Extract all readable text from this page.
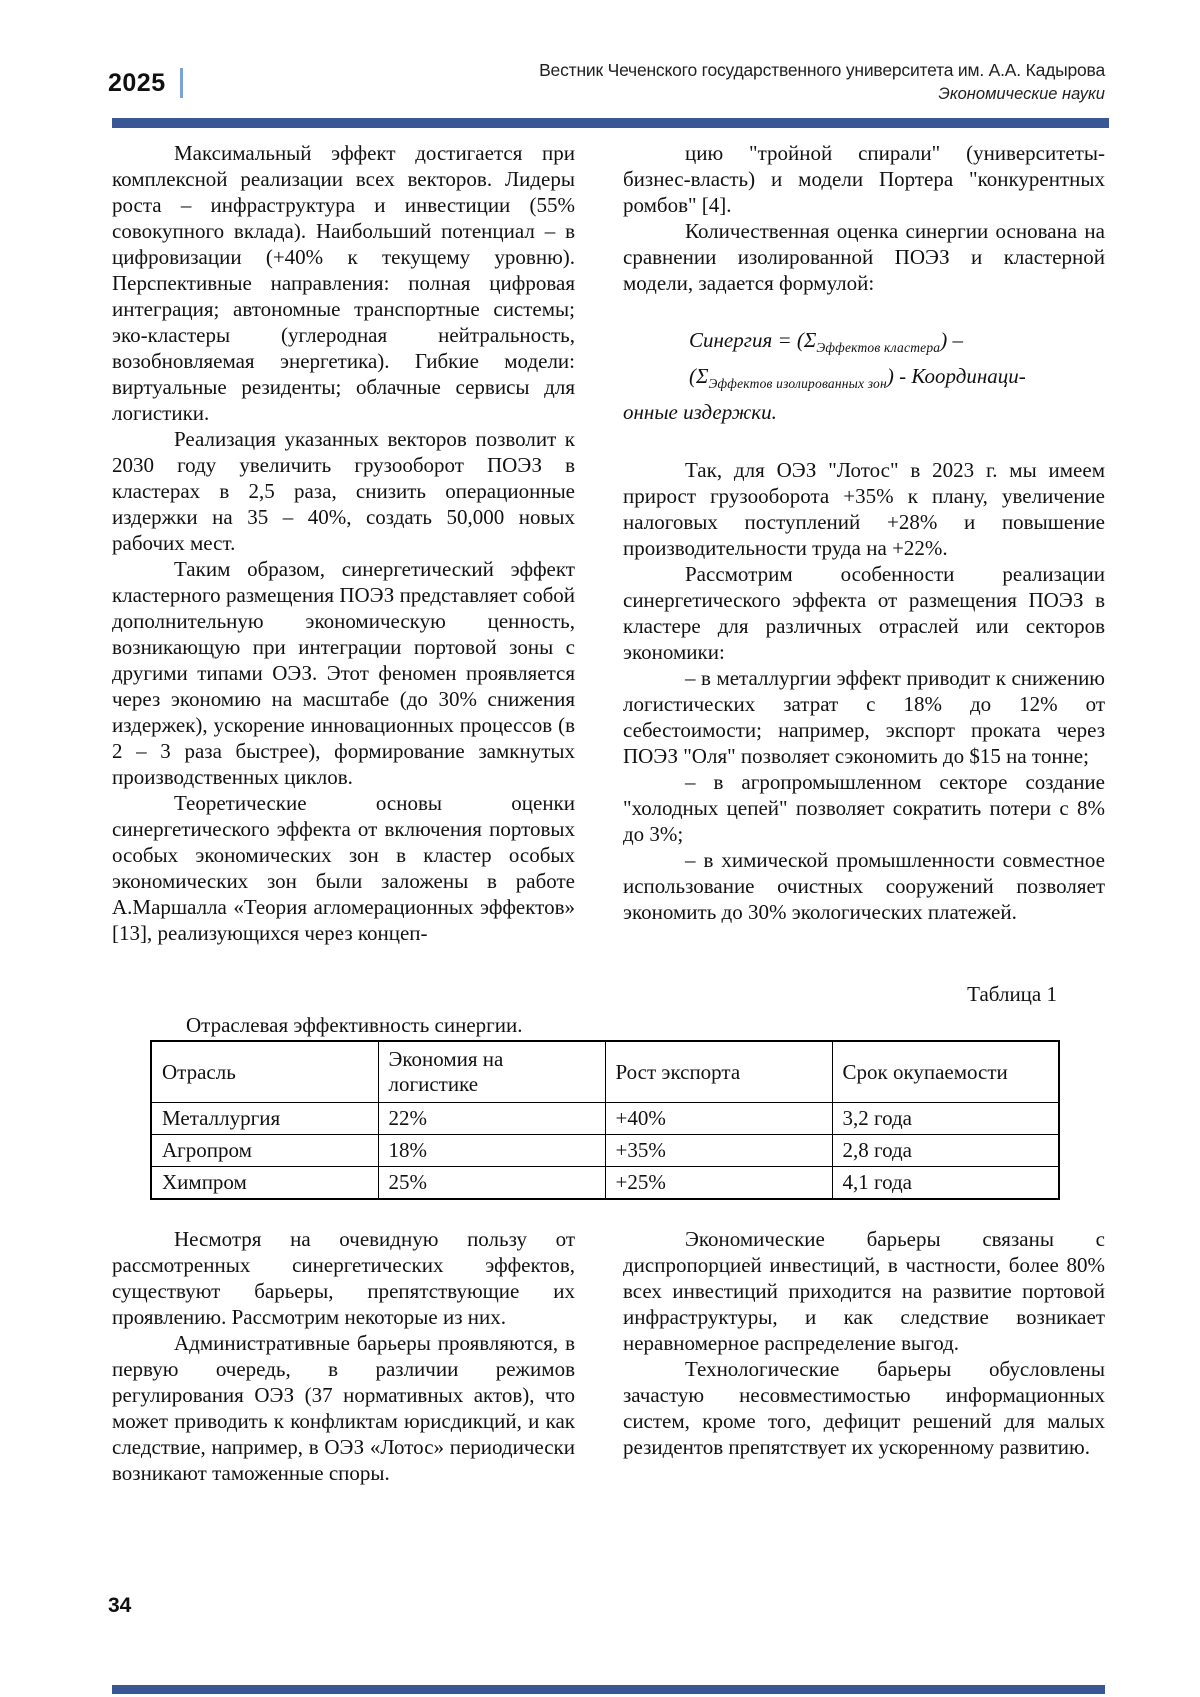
2025	Вестник Чеченского государственного университета им. А.А. Кадырова
Экономические науки

Максимальный эффект достигается при комплексной реализации всех векторов. Лидеры роста – инфраструктура и инвестиции (55% совокупного вклада). Наибольший потенциал – в цифровизации (+40% к текущему уровню). Перспективные направления: полная цифровая интеграция; автономные транспортные системы; эко-кластеры (углеродная нейтральность, возобновляемая энергетика). Гибкие модели: виртуальные резиденты; облачные сервисы для логистики.

Реализация указанных векторов позволит к 2030 году увеличить грузооборот ПОЭЗ в кластерах в 2,5 раза, снизить операционные издержки на 35 – 40%, создать 50,000 новых рабочих мест.

Таким образом, синергетический эффект кластерного размещения ПОЭЗ представляет собой дополнительную экономическую ценность, возникающую при интеграции портовой зоны с другими типами ОЭЗ. Этот феномен проявляется через экономию на масштабе (до 30% снижения издержек), ускорение инновационных процессов (в 2 – 3 раза быстрее), формирование замкнутых производственных циклов.

Теоретические основы оценки синергетического эффекта от включения портовых особых экономических зон в кластер особых экономических зон были заложены в работе А.Маршалла «Теория агломерационных эффектов» [13], реализующихся через концеп-

цию "тройной спирали" (университеты-бизнес-власть) и модели Портера "конкурентных ромбов" [4].

Количественная оценка синергии основана на сравнении изолированной ПОЭЗ и кластерной модели, задается формулой:

Синергия = $(\Sigma_{Эффектов кластера})$ –
$(\Sigma_{Эффектов изолированных зон})$ - Координаци-
онные издержки.

Так, для ОЭЗ "Лотос" в 2023 г. мы имеем прирост грузооборота +35% к плану, увеличение налоговых поступлений +28% и повышение производительности труда на +22%.

Рассмотрим особенности реализации синергетического эффекта от размещения ПОЭЗ в кластере для различных отраслей или секторов экономики:

– в металлургии эффект приводит к снижению логистических затрат с 18% до 12% от себестоимости; например, экспорт проката через ПОЭЗ "Оля" позволяет сэкономить до $15 на тонне;

– в агропромышленном секторе создание "холодных цепей" позволяет сократить потери с 8% до 3%;

– в химической промышленности совместное использование очистных сооружений позволяет экономить до 30% экологических платежей.

Таблица 1
Отраслевая эффективность синергии.
Отрасль	Экономия на логистике	Рост экспорта	Срок окупаемости
Металлургия	22%	+40%	3,2 года
Агропром	18%	+35%	2,8 года
Химпром	25%	+25%	4,1 года

Несмотря на очевидную пользу от рассмотренных синергетических эффектов, существуют барьеры, препятствующие их проявлению. Рассмотрим некоторые из них.

Административные барьеры проявляются, в первую очередь, в различии режимов регулирования ОЭЗ (37 нормативных актов), что может приводить к конфликтам юрисдикций, и как следствие, например, в ОЭЗ «Лотос» периодически возникают таможенные споры.

Экономические барьеры связаны с диспропорцией инвестиций, в частности, более 80% всех инвестиций приходится на развитие портовой инфраструктуры, и как следствие возникает неравномерное распределение выгод.

Технологические барьеры обусловлены зачастую несовместимостью информационных систем, кроме того, дефицит решений для малых резидентов препятствует их ускоренному развитию.

34
